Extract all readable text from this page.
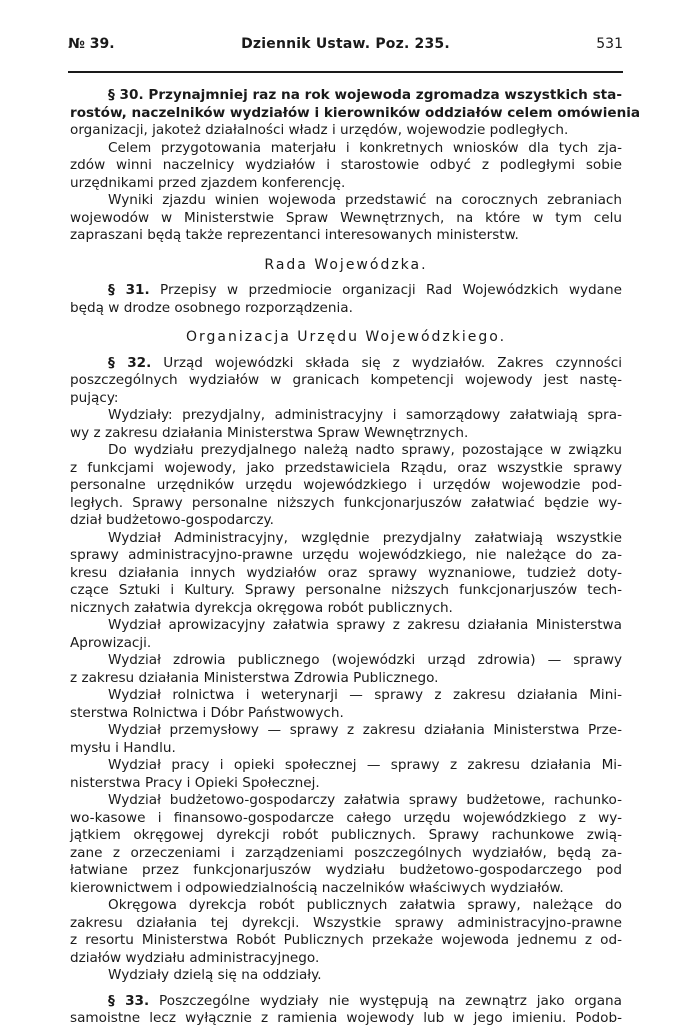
№ 39.	Dziennik Ustaw. Poz. 235.	531
§ 30. Przynajmniej raz na rok wojewoda zgromadza wszystkich sta-
rostów, naczelników wydziałów i kierowników oddziałów celem omówienia
organizacji, jakoteż działalności władz i urzędów, wojewodzie podległych.
Celem przygotowania materjału i konkretnych wniosków dla tych zja-
zdów winni naczelnicy wydziałów i starostowie odbyć z podległymi sobie
urzędnikami przed zjazdem konferencję.
Wyniki zjazdu winien wojewoda przedstawić na corocznych zebraniach
wojewodów w Ministerstwie Spraw Wewnętrznych, na które w tym celu
zapraszani będą także reprezentanci interesowanych ministerstw.
Rada Wojewódzka.
§ 31. Przepisy w przedmiocie organizacji Rad Wojewódzkich wydane
będą w drodze osobnego rozporządzenia.
Organizacja Urzędu Wojewódzkiego.
§ 32. Urząd wojewódzki składa się z wydziałów. Zakres czynności
poszczególnych wydziałów w granicach kompetencji wojewody jest nastę-
pujący:
Wydziały: prezydjalny, administracyjny i samorządowy załatwiają spra-
wy z zakresu działania Ministerstwa Spraw Wewnętrznych.
Do wydziału prezydjalnego należą nadto sprawy, pozostające w związku
z funkcjami wojewody, jako przedstawiciela Rządu, oraz wszystkie sprawy
personalne urzędników urzędu wojewódzkiego i urzędów wojewodzie pod-
ległych. Sprawy personalne niższych funkcjonarjuszów załatwiać będzie wy-
dział budżetowo-gospodarczy.
Wydział Administracyjny, względnie prezydjalny załatwiają wszystkie
sprawy administracyjno-prawne urzędu wojewódzkiego, nie należące do za-
kresu działania innych wydziałów oraz sprawy wyznaniowe, tudzież doty-
czące Sztuki i Kultury. Sprawy personalne niższych funkcjonarjuszów tech-
nicznych załatwia dyrekcja okręgowa robót publicznych.
Wydział aprowizacyjny załatwia sprawy z zakresu działania Ministerstwa
Aprowizacji.
Wydział zdrowia publicznego (wojewódzki urząd zdrowia) — sprawy
z zakresu działania Ministerstwa Zdrowia Publicznego.
Wydział rolnictwa i weterynarji — sprawy z zakresu działania Mini-
sterstwa Rolnictwa i Dóbr Państwowych.
Wydział przemysłowy — sprawy z zakresu działania Ministerstwa Prze-
mysłu i Handlu.
Wydział pracy i opieki społecznej — sprawy z zakresu działania Mi-
nisterstwa Pracy i Opieki Społecznej.
Wydział budżetowo-gospodarczy załatwia sprawy budżetowe, rachunko-
wo-kasowe i finansowo-gospodarcze całego urzędu wojewódzkiego z wy-
jątkiem okręgowej dyrekcji robót publicznych. Sprawy rachunkowe zwią-
zane z orzeczeniami i zarządzeniami poszczególnych wydziałów, będą za-
łatwiane przez funkcjonarjuszów wydziału budżetowo-gospodarczego pod
kierownictwem i odpowiedzialnością naczelników właściwych wydziałów.
Okręgowa dyrekcja robót publicznych załatwia sprawy, należące do
zakresu działania tej dyrekcji. Wszystkie sprawy administracyjno-prawne
z resortu Ministerstwa Robót Publicznych przekaże wojewoda jednemu z od-
działów wydziału administracyjnego.
Wydziały dzielą się na oddziały.
§ 33. Poszczególne wydziały nie występują na zewnątrz jako organa
samoistne lecz wyłącznie z ramienia wojewody lub w jego imieniu. Podob-
